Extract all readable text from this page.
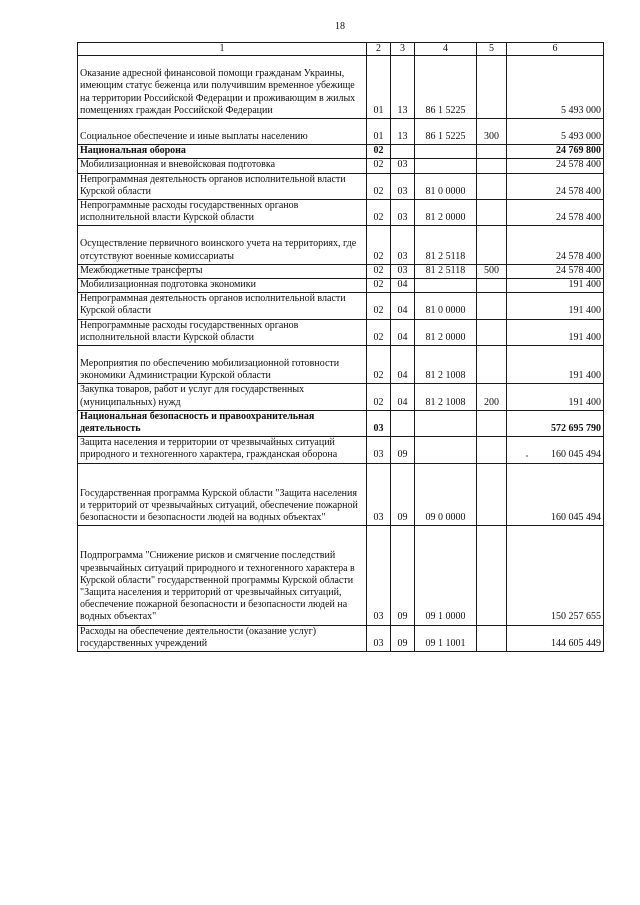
18
1	2	3	4	5	6
Оказание адресной финансовой помощи гражданам Украины, имеющим статус беженца или получившим временное убежище на территории Российской Федерации и проживающим в жилых помещениях граждан Российской Федерации	01	13	86 1 5225		5 493 000
Социальное обеспечение и иные выплаты населению	01	13	86 1 5225	300	5 493 000
Национальная оборона	02				24 769 800
Мобилизационная и вневойсковая подготовка	02	03			24 578 400
Непрограммная деятельность органов исполнительной власти Курской области	02	03	81 0 0000		24 578 400
Непрограммные расходы государственных органов исполнительной власти Курской области	02	03	81 2 0000		24 578 400
Осуществление первичного воинского учета на территориях, где отсутствуют военные комиссариаты	02	03	81 2 5118		24 578 400
Межбюджетные трансферты	02	03	81 2 5118	500	24 578 400
Мобилизационная подготовка экономики	02	04			191 400
Непрограммная деятельность органов исполнительной власти Курской области	02	04	81 0 0000		191 400
Непрограммные расходы государственных органов исполнительной власти Курской области	02	04	81 2 0000		191 400
Мероприятия по обеспечению мобилизационной готовности экономики Администрации Курской области	02	04	81 2 1008		191 400
Закупка товаров, работ и услуг для государственных (муниципальных) нужд	02	04	81 2 1008	200	191 400
Национальная безопасность и правоохранительная деятельность	03				572 695 790
Защита населения и территории от чрезвычайных ситуаций природного и техногенного характера, гражданская оборона	03	09			160 045 494
Государственная программа Курской области "Защита населения и территорий от чрезвычайных ситуаций, обеспечение пожарной безопасности и безопасности людей на водных объектах"	03	09	09 0 0000		160 045 494
Подпрограмма "Снижение рисков и смягчение последствий чрезвычайных ситуаций природного и техногенного характера в Курской области" государственной программы Курской области "Защита населения и территорий от чрезвычайных ситуаций, обеспечение пожарной безопасности и безопасности людей на водных объектах"	03	09	09 1 0000		150 257 655
Расходы на обеспечение деятельности (оказание услуг) государственных учреждений	03	09	09 1 1001		144 605 449
